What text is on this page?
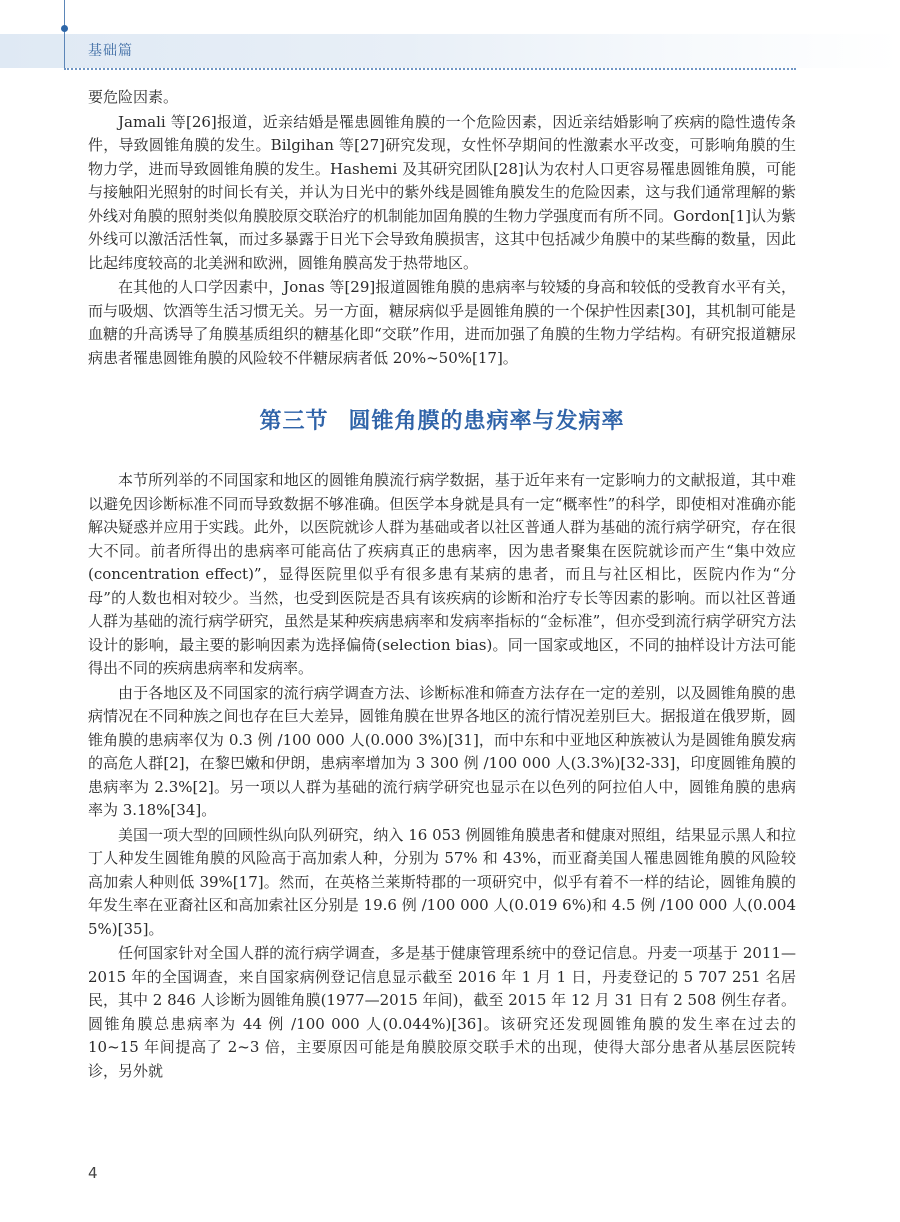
基础篇

要危险因素。

Jamali 等[26]报道，近亲结婚是罹患圆锥角膜的一个危险因素，因近亲结婚影响了疾病的隐性遗传条件，导致圆锥角膜的发生。Bilgihan 等[27]研究发现，女性怀孕期间的性激素水平改变，可影响角膜的生物力学，进而导致圆锥角膜的发生。Hashemi 及其研究团队[28]认为农村人口更容易罹患圆锥角膜，可能与接触阳光照射的时间长有关，并认为日光中的紫外线是圆锥角膜发生的危险因素，这与我们通常理解的紫外线对角膜的照射类似角膜胶原交联治疗的机制能加固角膜的生物力学强度而有所不同。Gordon[1]认为紫外线可以激活活性氧，而过多暴露于日光下会导致角膜损害，这其中包括减少角膜中的某些酶的数量，因此比起纬度较高的北美洲和欧洲，圆锥角膜高发于热带地区。

在其他的人口学因素中，Jonas 等[29]报道圆锥角膜的患病率与较矮的身高和较低的受教育水平有关，而与吸烟、饮酒等生活习惯无关。另一方面，糖尿病似乎是圆锥角膜的一个保护性因素[30]，其机制可能是血糖的升高诱导了角膜基质组织的糖基化即“交联”作用，进而加强了角膜的生物力学结构。有研究报道糖尿病患者罹患圆锥角膜的风险较不伴糖尿病者低 20%~50%[17]。

第三节 圆锥角膜的患病率与发病率

本节所列举的不同国家和地区的圆锥角膜流行病学数据，基于近年来有一定影响力的文献报道，其中难以避免因诊断标准不同而导致数据不够准确。但医学本身就是具有一定“概率性”的科学，即使相对准确亦能解决疑惑并应用于实践。此外，以医院就诊人群为基础或者以社区普通人群为基础的流行病学研究，存在很大不同。前者所得出的患病率可能高估了疾病真正的患病率，因为患者聚集在医院就诊而产生“集中效应(concentration effect)”，显得医院里似乎有很多患有某病的患者，而且与社区相比，医院内作为“分母”的人数也相对较少。当然，也受到医院是否具有该疾病的诊断和治疗专长等因素的影响。而以社区普通人群为基础的流行病学研究，虽然是某种疾病患病率和发病率指标的“金标准”，但亦受到流行病学研究方法设计的影响，最主要的影响因素为选择偏倚(selection bias)。同一国家或地区，不同的抽样设计方法可能得出不同的疾病患病率和发病率。

由于各地区及不同国家的流行病学调查方法、诊断标准和筛查方法存在一定的差别，以及圆锥角膜的患病情况在不同种族之间也存在巨大差异，圆锥角膜在世界各地区的流行情况差别巨大。据报道在俄罗斯，圆锥角膜的患病率仅为 0.3 例 /100 000 人(0.000 3%)[31]，而中东和中亚地区种族被认为是圆锥角膜发病的高危人群[2]，在黎巴嫩和伊朗，患病率增加为 3 300 例 /100 000 人(3.3%)[32-33]，印度圆锥角膜的患病率为 2.3%[2]。另一项以人群为基础的流行病学研究也显示在以色列的阿拉伯人中，圆锥角膜的患病率为 3.18%[34]。

美国一项大型的回顾性纵向队列研究，纳入 16 053 例圆锥角膜患者和健康对照组，结果显示黑人和拉丁人种发生圆锥角膜的风险高于高加索人种，分别为 57% 和 43%，而亚裔美国人罹患圆锥角膜的风险较高加索人种则低 39%[17]。然而，在英格兰莱斯特郡的一项研究中，似乎有着不一样的结论，圆锥角膜的年发生率在亚裔社区和高加索社区分别是 19.6 例 /100 000 人(0.019 6%)和 4.5 例 /100 000 人(0.004 5%)[35]。

任何国家针对全国人群的流行病学调查，多是基于健康管理系统中的登记信息。丹麦一项基于 2011—2015 年的全国调查，来自国家病例登记信息显示截至 2016 年 1 月 1 日，丹麦登记的 5 707 251 名居民，其中 2 846 人诊断为圆锥角膜(1977—2015 年间)，截至 2015 年 12 月 31 日有 2 508 例生存者。圆锥角膜总患病率为 44 例 /100 000 人(0.044%)[36]。该研究还发现圆锥角膜的发生率在过去的 10~15 年间提高了 2~3 倍，主要原因可能是角膜胶原交联手术的出现，使得大部分患者从基层医院转诊，另外就

4
